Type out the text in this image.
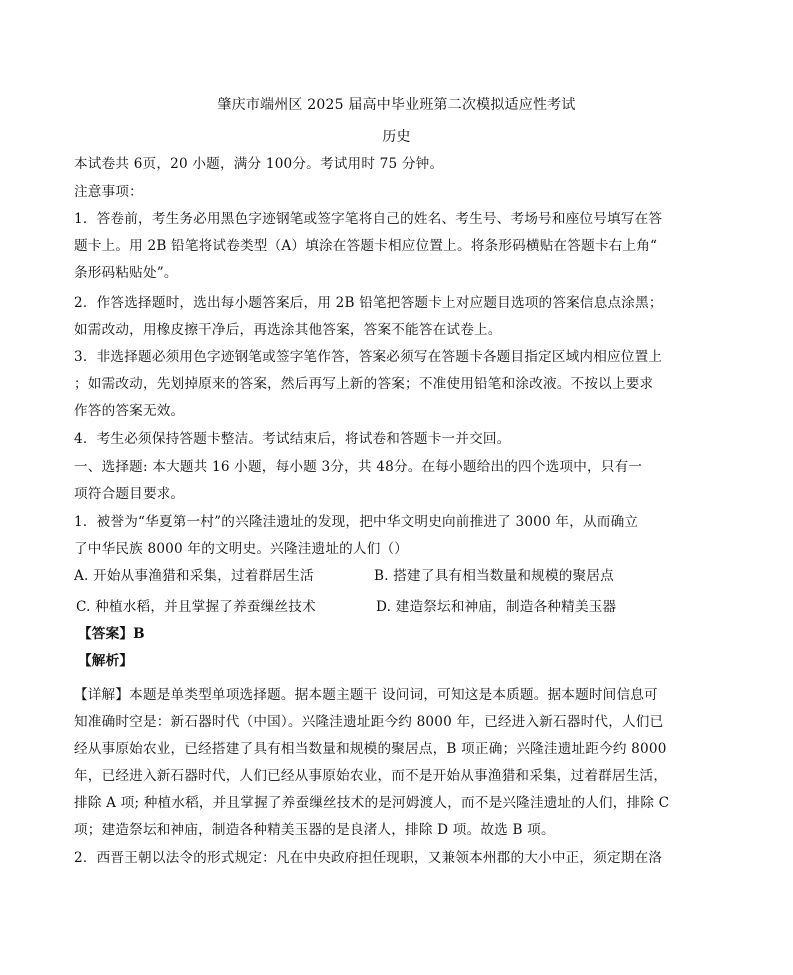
肇庆市端州区 2025 届高中毕业班第二次模拟适应性考试
历史
本试卷共 6页，20 小题，满分 100分。考试用时 75 分钟。
注意事项：
1．答卷前，考生务必用黑色字迹钢笔或签字笔将自己的姓名、考生号、考场号和座位号填写在答
题卡上。用 2B 铅笔将试卷类型（A）填涂在答题卡相应位置上。将条形码横贴在答题卡右上角“
条形码粘贴处”。
2．作答选择题时，选出每小题答案后，用 2B 铅笔把答题卡上对应题目选项的答案信息点涂黑；
如需改动，用橡皮擦干净后，再选涂其他答案，答案不能答在试卷上。
3．非选择题必须用色字迹钢笔或签字笔作答，答案必须写在答题卡各题目指定区域内相应位置上
；如需改动，先划掉原来的答案，然后再写上新的答案；不准使用铅笔和涂改液。不按以上要求
作答的答案无效。
4．考生必须保持答题卡整洁。考试结束后，将试卷和答题卡一并交回。
一、选择题: 本大题共 16 小题，每小题 3分，共 48分。在每小题给出的四个选项中，只有一
项符合题目要求。
1．被誉为“华夏第一村”的兴隆洼遗址的发现，把中华文明史向前推进了 3000 年，从而确立
了中华民族 8000 年的文明史。兴隆洼遗址的人们（）
A. 开始从事渔猎和采集，过着群居生活	B. 搭建了具有相当数量和规模的聚居点
C. 种植水稻，并且掌握了养蚕缫丝技术	D. 建造祭坛和神庙，制造各种精美玉器
【答案】B
【解析】
【详解】本题是单类型单项选择题。据本题主题干 设问词，可知这是本质题。据本题时间信息可
知准确时空是：新石器时代（中国）。兴隆洼遗址距今约 8000 年，已经进入新石器时代，人们已
经从事原始农业，已经搭建了具有相当数量和规模的聚居点，B 项正确；兴隆洼遗址距今约 8000
年，已经进入新石器时代，人们已经从事原始农业，而不是开始从事渔猎和采集，过着群居生活，
排除 A 项; 种植水稻，并且掌握了养蚕缫丝技术的是河姆渡人，而不是兴隆洼遗址的人们，排除 C
项；建造祭坛和神庙，制造各种精美玉器的是良渚人，排除 D 项。故选 B 项。
2．西晋王朝以法令的形式规定：凡在中央政府担任现职，又兼领本州郡的大小中正，须定期在洛
